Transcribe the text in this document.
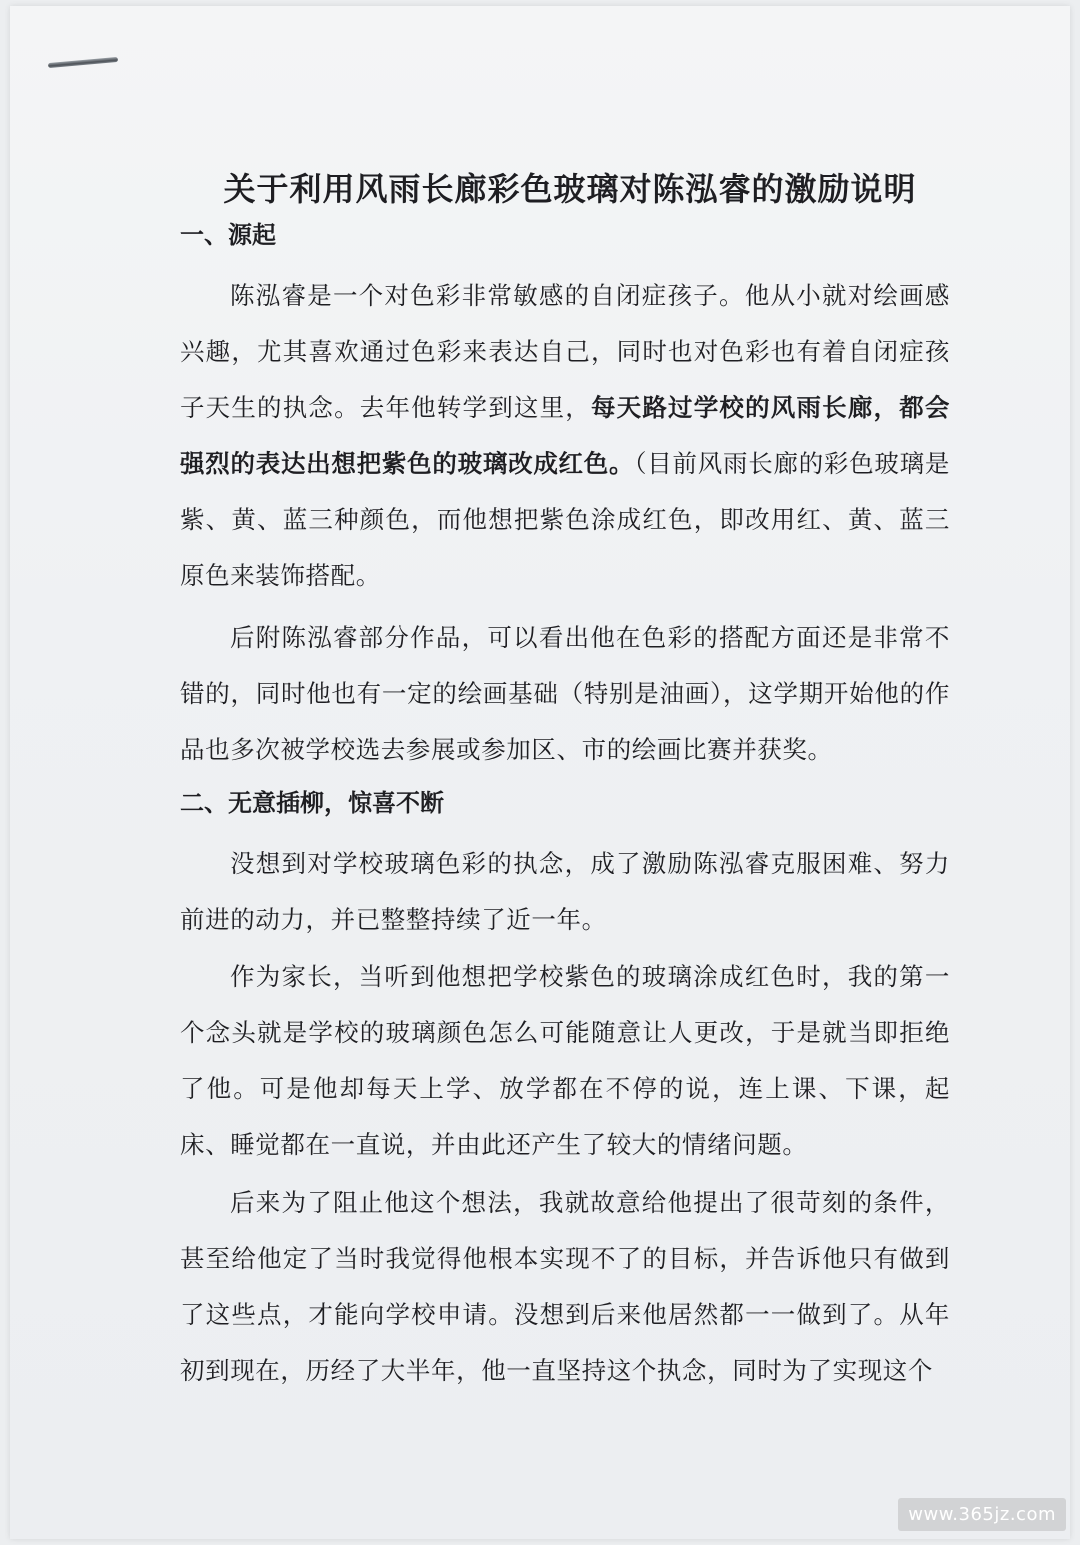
关于利用风雨长廊彩色玻璃对陈泓睿的激励说明
一、源起

陈泓睿是一个对色彩非常敏感的自闭症孩子。他从小就对绘画感兴趣，尤其喜欢通过色彩来表达自己，同时也对色彩也有着自闭症孩子天生的执念。去年他转学到这里，每天路过学校的风雨长廊，都会强烈的表达出想把紫色的玻璃改成红色。（目前风雨长廊的彩色玻璃是紫、黄、蓝三种颜色，而他想把紫色涂成红色，即改用红、黄、蓝三原色来装饰搭配。

后附陈泓睿部分作品，可以看出他在色彩的搭配方面还是非常不错的，同时他也有一定的绘画基础（特别是油画），这学期开始他的作品也多次被学校选去参展或参加区、市的绘画比赛并获奖。

二、无意插柳，惊喜不断

没想到对学校玻璃色彩的执念，成了激励陈泓睿克服困难、努力前进的动力，并已整整持续了近一年。

作为家长，当听到他想把学校紫色的玻璃涂成红色时，我的第一个念头就是学校的玻璃颜色怎么可能随意让人更改，于是就当即拒绝了他。可是他却每天上学、放学都在不停的说，连上课、下课，起床、睡觉都在一直说，并由此还产生了较大的情绪问题。

后来为了阻止他这个想法，我就故意给他提出了很苛刻的条件，甚至给他定了当时我觉得他根本实现不了的目标，并告诉他只有做到了这些点，才能向学校申请。没想到后来他居然都一一做到了。从年初到现在，历经了大半年，他一直坚持这个执念，同时为了实现这个

www.365jz.com
